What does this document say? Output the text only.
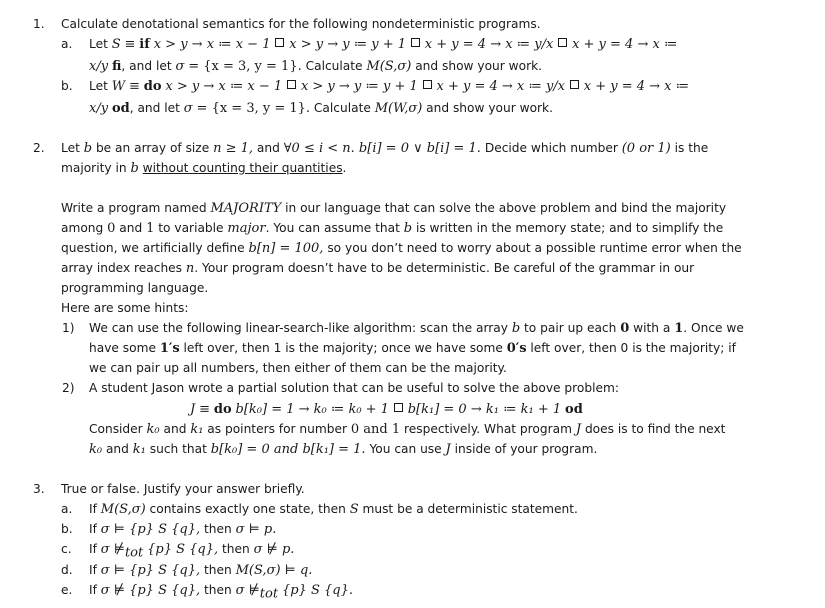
1. Calculate denotational semantics for the following nondeterministic programs.
a. Let S ≡ if x > y → x ≔ x − 1 x > y → y ≔ y + 1 x + y = 4 → x ≔ y/x x + y = 4 → x ≔
x/y fi, and let σ = {x = 3, y = 1}. Calculate M(S,σ) and show your work.
b. Let W ≡ do x > y → x ≔ x − 1 x > y → y ≔ y + 1 x + y = 4 → x ≔ y/x x + y = 4 → x ≔
x/y od, and let σ = {x = 3, y = 1}. Calculate M(W,σ) and show your work.
2. Let b be an array of size n ≥ 1, and ∀0 ≤ i < n. b[i] = 0 ∨ b[i] = 1. Decide which number (0 or 1) is the
majority in b without counting their quantities.
Write a program named MAJORITY in our language that can solve the above problem and bind the majority
among 0 and 1 to variable major. You can assume that b is written in the memory state; and to simplify the
question, we artificially define b[n] = 100, so you don’t need to worry about a possible runtime error when the
array index reaches n. Your program doesn’t have to be deterministic. Be careful of the grammar in our
programming language.
Here are some hints:
1) We can use the following linear-search-like algorithm: scan the array b to pair up each 0 with a 1. Once we
have some 1′s left over, then 1 is the majority; once we have some 0′s left over, then 0 is the majority; if
we can pair up all numbers, then either of them can be the majority.
2) A student Jason wrote a partial solution that can be useful to solve the above problem:
J ≡ do b[k₀] = 1 → k₀ ≔ k₀ + 1 b[k₁] = 0 → k₁ ≔ k₁ + 1 od
Consider k₀ and k₁ as pointers for number 0 and 1 respectively. What program J does is to find the next
k₀ and k₁ such that b[k₀] = 0 and b[k₁] = 1. You can use J inside of your program.
3. True or false. Justify your answer briefly.
a. If M(S,σ) contains exactly one state, then S must be a deterministic statement.
b. If σ ⊨ {p} S {q}, then σ ⊨ p.
c. If σ $⊭_{tot}$ {p} S {q}, then σ ⊭ p.
d. If σ ⊨ {p} S {q}, then M(S,σ) ⊨ q.
e. If σ ⊭ {p} S {q}, then σ $⊭_{tot}$ {p} S {q}.
